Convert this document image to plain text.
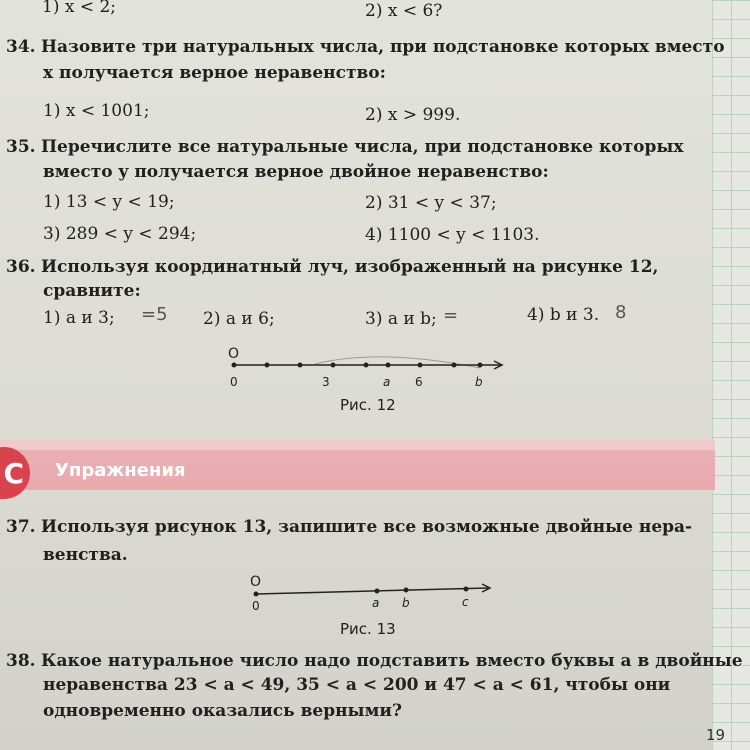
1) x < 2;	2) x < 6?
34. Назовите три натуральных числа, при подстановке которых вместо
x получается верное неравенство:
1) x < 1001;	2) x > 999.
35. Перечислите все натуральные числа, при подстановке которых
вместо y получается верное двойное неравенство:
1) 13 < y < 19;	2) 31 < y < 37;
3) 289 < y < 294;	4) 1100 < y < 1103.
36. Используя координатный луч, изображенный на рисунке 12,
сравните:
1) a и 3; =5 2) a и 6;	3) a и b; =	4) b и 3. 8
O
0	3	a 6	b
Рис. 12
C	Упражнения
37. Используя рисунок 13, запишите все возможные двойные нера-
венства.
O
0	a b	c
Рис. 13
38. Какое натуральное число надо подставить вместо буквы a в двойные
неравенства 23 < a < 49, 35 < a < 200 и 47 < a < 61, чтобы они
одновременно оказались верными?
19
